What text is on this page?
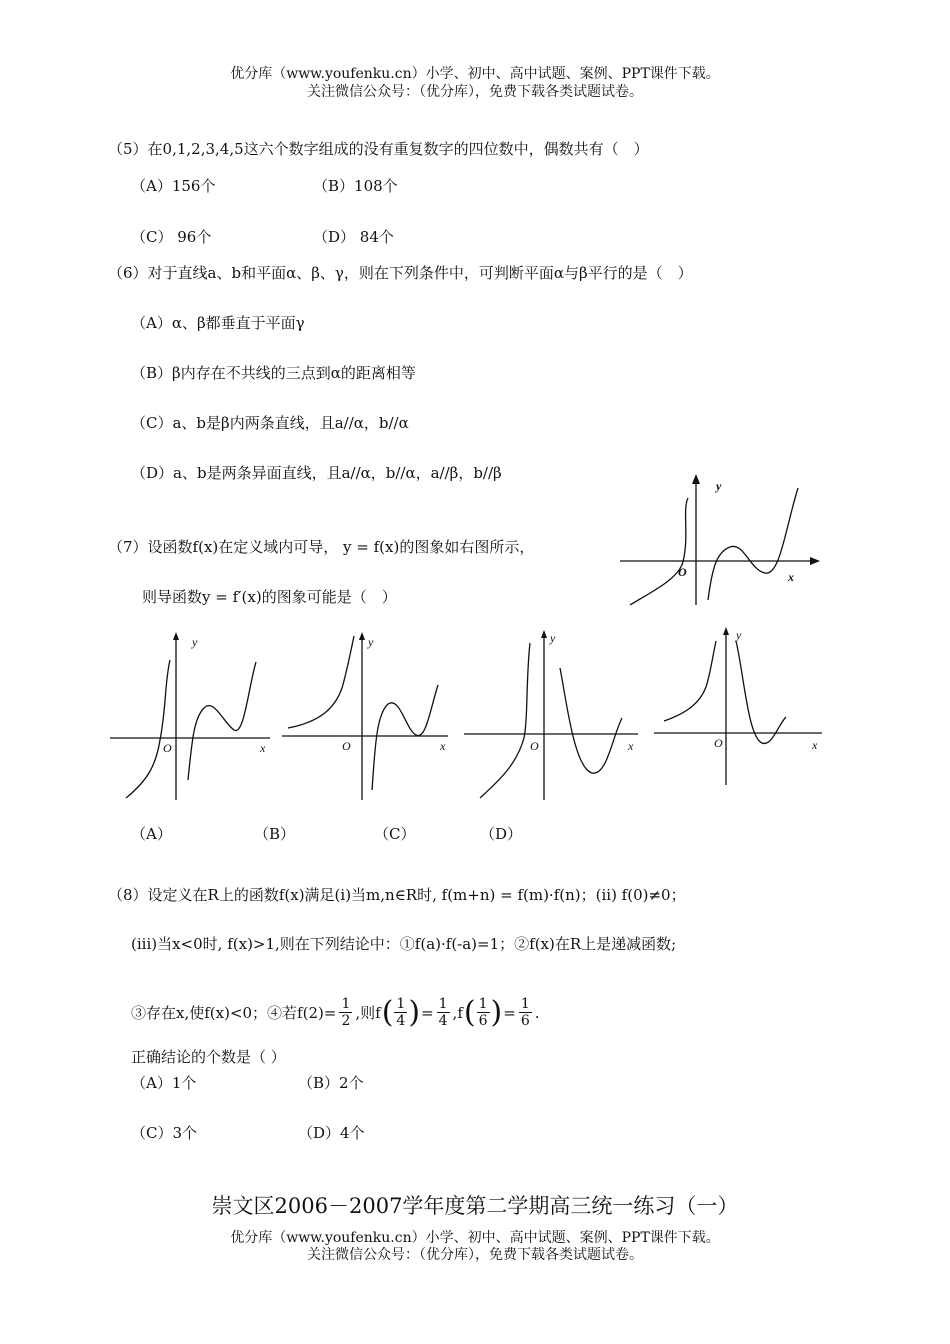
优分库（www.youfenku.cn）小学、初中、高中试题、案例、PPT课件下载。
关注微信公众号：（优分库），免费下载各类试题试卷。
（5）在0,1,2,3,4,5这六个数字组成的没有重复数字的四位数中，偶数共有（　）
（A）156个	（B）108个
（C） 96个	（D） 84个
（6）对于直线a、b和平面α、β、γ，则在下列条件中，可判断平面α与β平行的是（　）
（A）α、β都垂直于平面γ
（B）β内存在不共线的三点到α的距离相等
（C）a、b是β内两条直线，且a//α，b//α
（D）a、b是两条异面直线，且a//α，b//α，a//β，b//β
y
x
O
（7）设函数f(x)在定义域内可导， y = f(x)的图象如右图所示，
则导函数y = f′(x)的图象可能是（　）
y
x
O
y
x
O
y
x
O
y
x
O
（A）	（B）	（C）	（D）
（8）设定义在R上的函数f(x)满足(i)当m,n∈R时, f(m+n) = f(m)·f(n)；(ii) f(0)≠0；
(iii)当x<0时, f(x)>1,则在下列结论中：①f(a)·f(-a)=1；②f(x)在R上是递减函数;
③存在x,使f(x)<0；④若$f(2)= \frac{1}{2}$ ,则f ( $\frac{1}{4}$ ) = $\frac{1}{4} ,f$ ( $\frac{1}{6}$ ) = $\frac{1}{6}$ .
正确结论的个数是（ ）
（A）1个	（B）2个
（C）3个	（D）4个
崇文区2006－2007学年度第二学期高三统一练习（一）
优分库（www.youfenku.cn）小学、初中、高中试题、案例、PPT课件下载。
关注微信公众号：（优分库），免费下载各类试题试卷。
